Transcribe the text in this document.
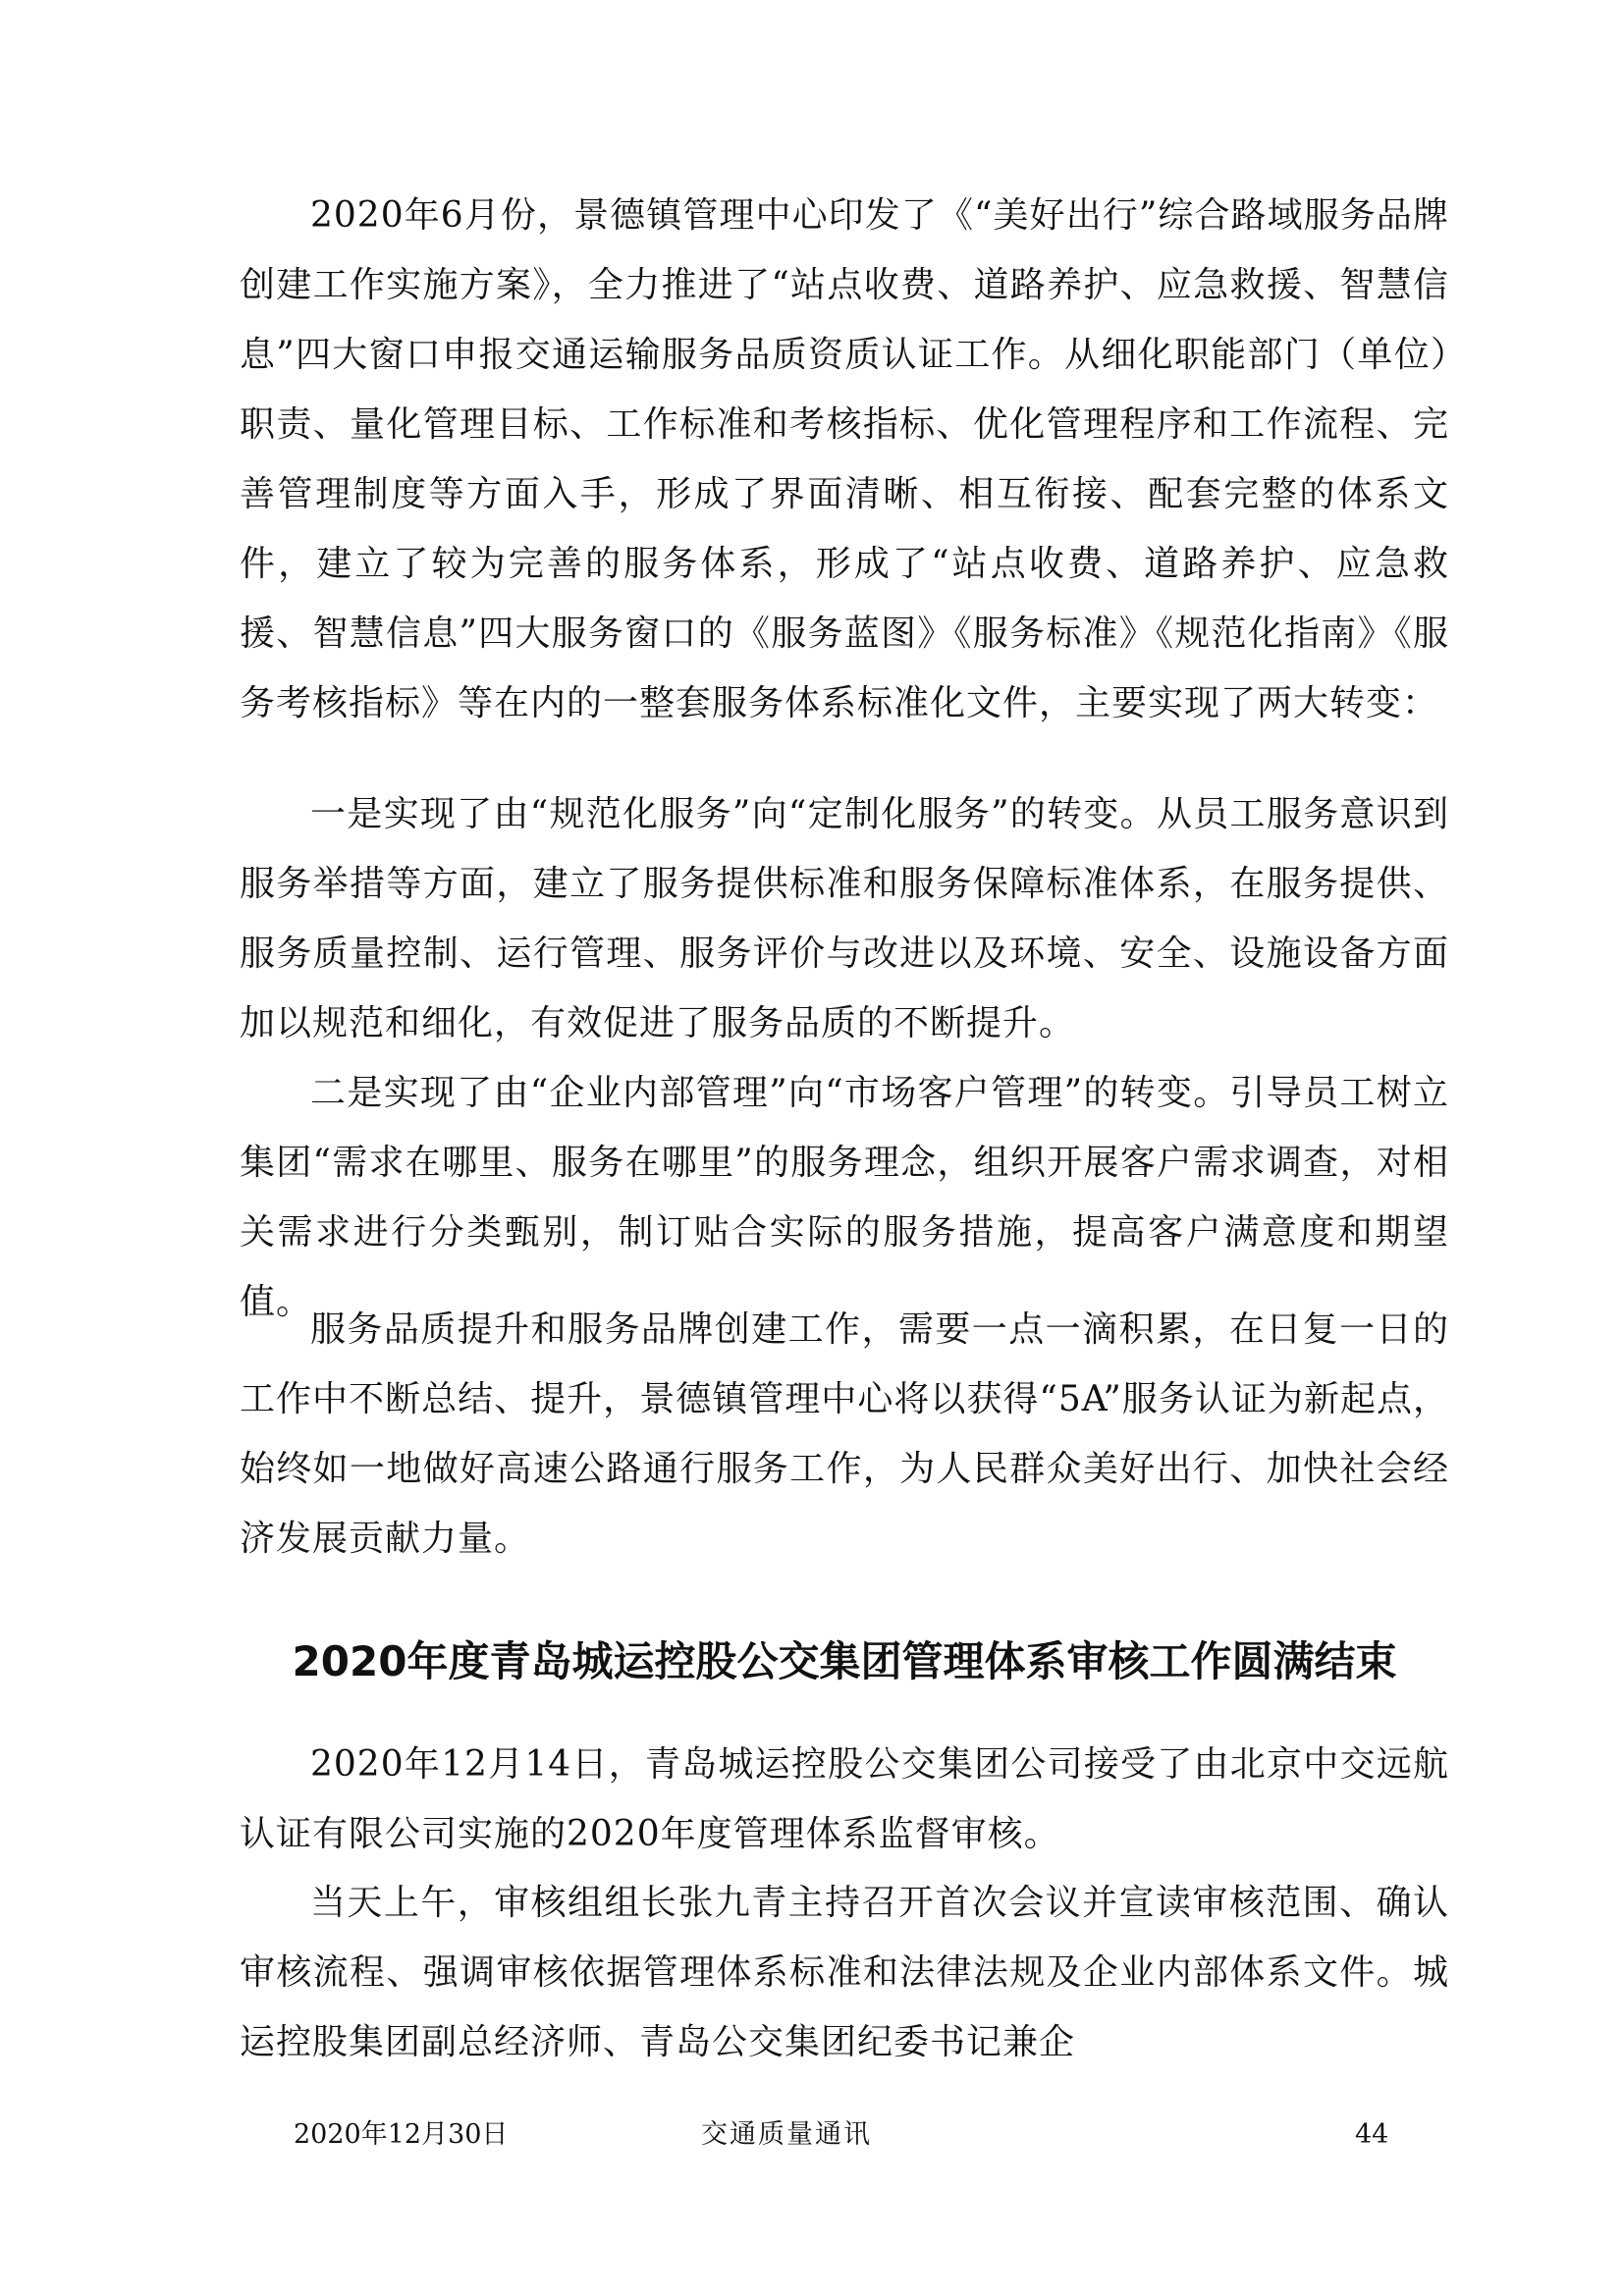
2020年6月份，景德镇管理中心印发了《“美好出行”综合路域服务品牌创建工作实施方案》，全力推进了“站点收费、道路养护、应急救援、智慧信息”四大窗口申报交通运输服务品质资质认证工作。从细化职能部门（单位）职责、量化管理目标、工作标准和考核指标、优化管理程序和工作流程、完善管理制度等方面入手，形成了界面清晰、相互衔接、配套完整的体系文件，建立了较为完善的服务体系，形成了“站点收费、道路养护、应急救援、智慧信息”四大服务窗口的《服务蓝图》《服务标准》《规范化指南》《服务考核指标》等在内的一整套服务体系标准化文件，主要实现了两大转变：

一是实现了由“规范化服务”向“定制化服务”的转变。从员工服务意识到服务举措等方面，建立了服务提供标准和服务保障标准体系，在服务提供、服务质量控制、运行管理、服务评价与改进以及环境、安全、设施设备方面加以规范和细化，有效促进了服务品质的不断提升。

二是实现了由“企业内部管理”向“市场客户管理”的转变。引导员工树立集团“需求在哪里、服务在哪里”的服务理念，组织开展客户需求调查，对相关需求进行分类甄别，制订贴合实际的服务措施，提高客户满意度和期望值。

服务品质提升和服务品牌创建工作，需要一点一滴积累，在日复一日的工作中不断总结、提升，景德镇管理中心将以获得“5A”服务认证为新起点，始终如一地做好高速公路通行服务工作，为人民群众美好出行、加快社会经济发展贡献力量。

2020年度青岛城运控股公交集团管理体系审核工作圆满结束

2020年12月14日，青岛城运控股公交集团公司接受了由北京中交远航认证有限公司实施的2020年度管理体系监督审核。

当天上午，审核组组长张九青主持召开首次会议并宣读审核范围、确认审核流程、强调审核依据管理体系标准和法律法规及企业内部体系文件。城运控股集团副总经济师、青岛公交集团纪委书记兼企

2020年12月30日	交通质量通讯	44
